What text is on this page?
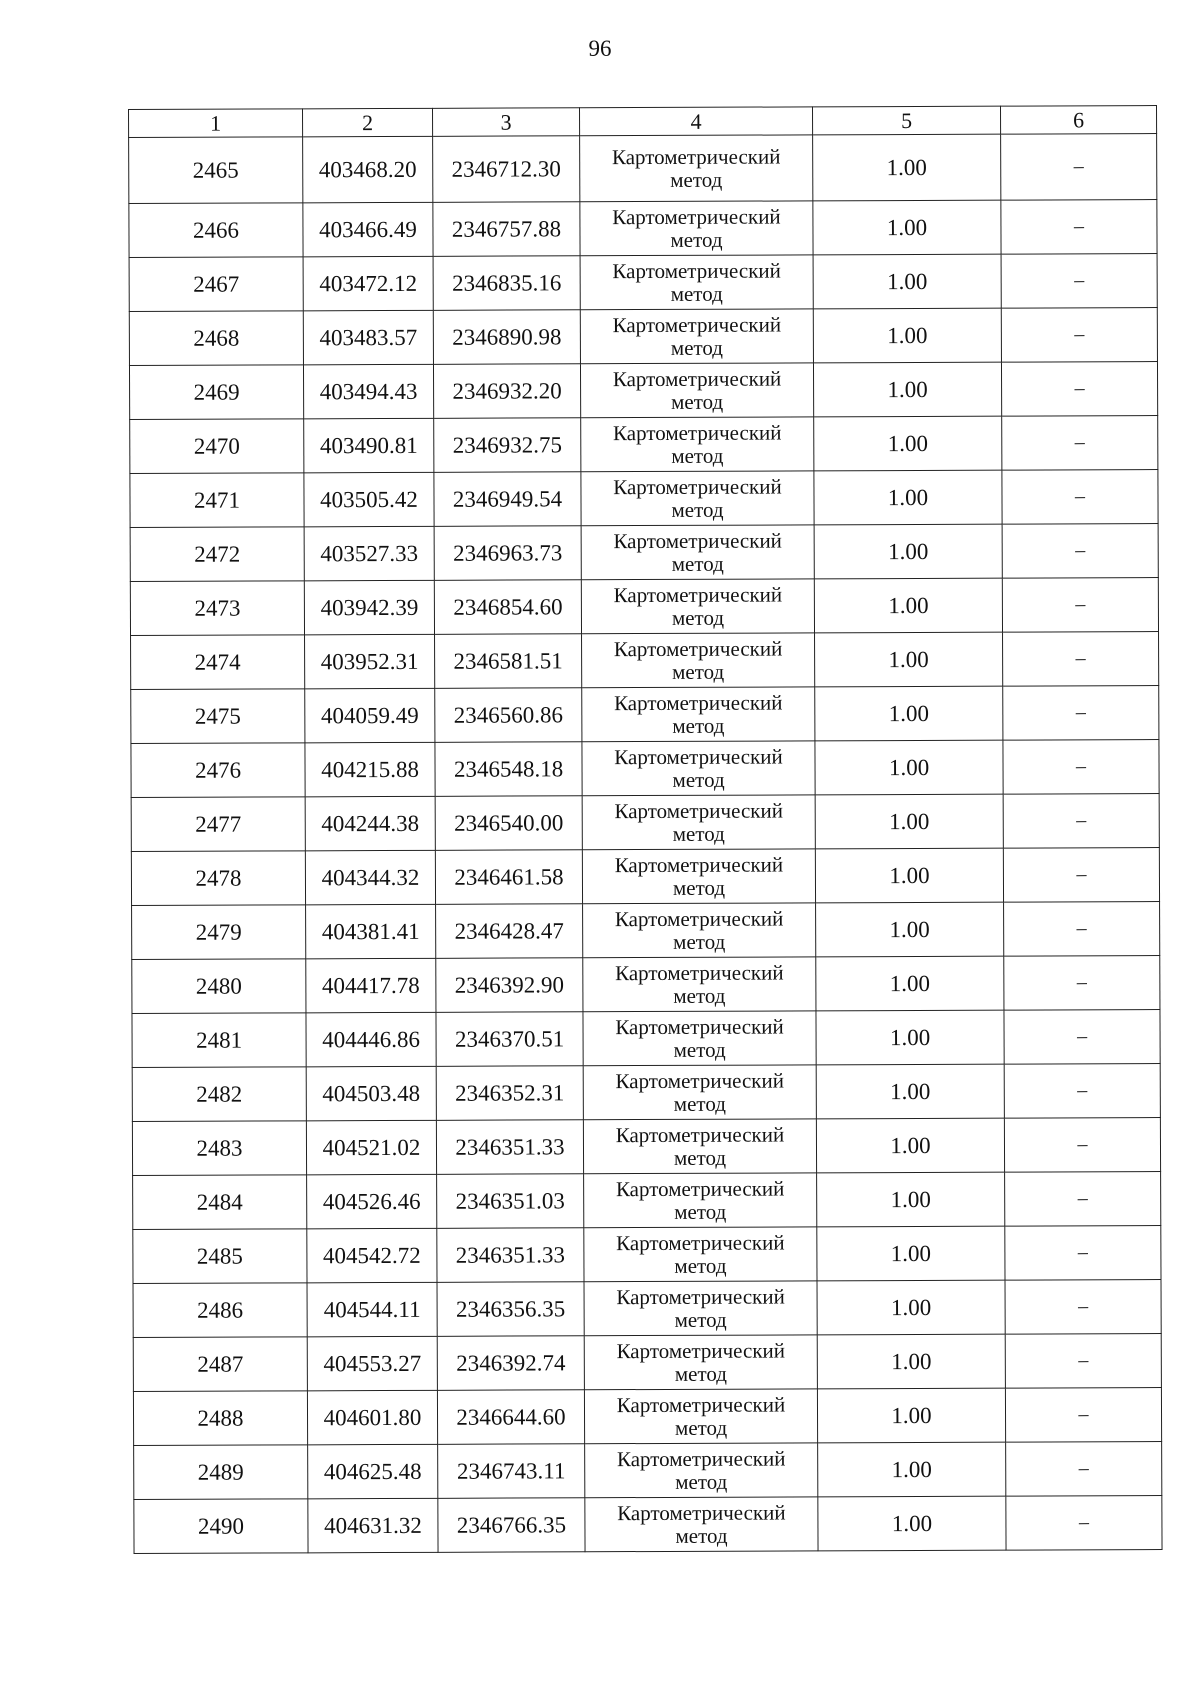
96
1	2	3	4	5	6
2465	403468.20	2346712.30	Картометрический
метод	1.00	–
2466	403466.49	2346757.88	Картометрический
метод	1.00	–
2467	403472.12	2346835.16	Картометрический
метод	1.00	–
2468	403483.57	2346890.98	Картометрический
метод	1.00	–
2469	403494.43	2346932.20	Картометрический
метод	1.00	–
2470	403490.81	2346932.75	Картометрический
метод	1.00	–
2471	403505.42	2346949.54	Картометрический
метод	1.00	–
2472	403527.33	2346963.73	Картометрический
метод	1.00	–
2473	403942.39	2346854.60	Картометрический
метод	1.00	–
2474	403952.31	2346581.51	Картометрический
метод	1.00	–
2475	404059.49	2346560.86	Картометрический
метод	1.00	–
2476	404215.88	2346548.18	Картометрический
метод	1.00	–
2477	404244.38	2346540.00	Картометрический
метод	1.00	–
2478	404344.32	2346461.58	Картометрический
метод	1.00	–
2479	404381.41	2346428.47	Картометрический
метод	1.00	–
2480	404417.78	2346392.90	Картометрический
метод	1.00	–
2481	404446.86	2346370.51	Картометрический
метод	1.00	–
2482	404503.48	2346352.31	Картометрический
метод	1.00	–
2483	404521.02	2346351.33	Картометрический
метод	1.00	–
2484	404526.46	2346351.03	Картометрический
метод	1.00	–
2485	404542.72	2346351.33	Картометрический
метод	1.00	–
2486	404544.11	2346356.35	Картометрический
метод	1.00	–
2487	404553.27	2346392.74	Картометрический
метод	1.00	–
2488	404601.80	2346644.60	Картометрический
метод	1.00	–
2489	404625.48	2346743.11	Картометрический
метод	1.00	–
2490	404631.32	2346766.35	Картометрический
метод	1.00	–
